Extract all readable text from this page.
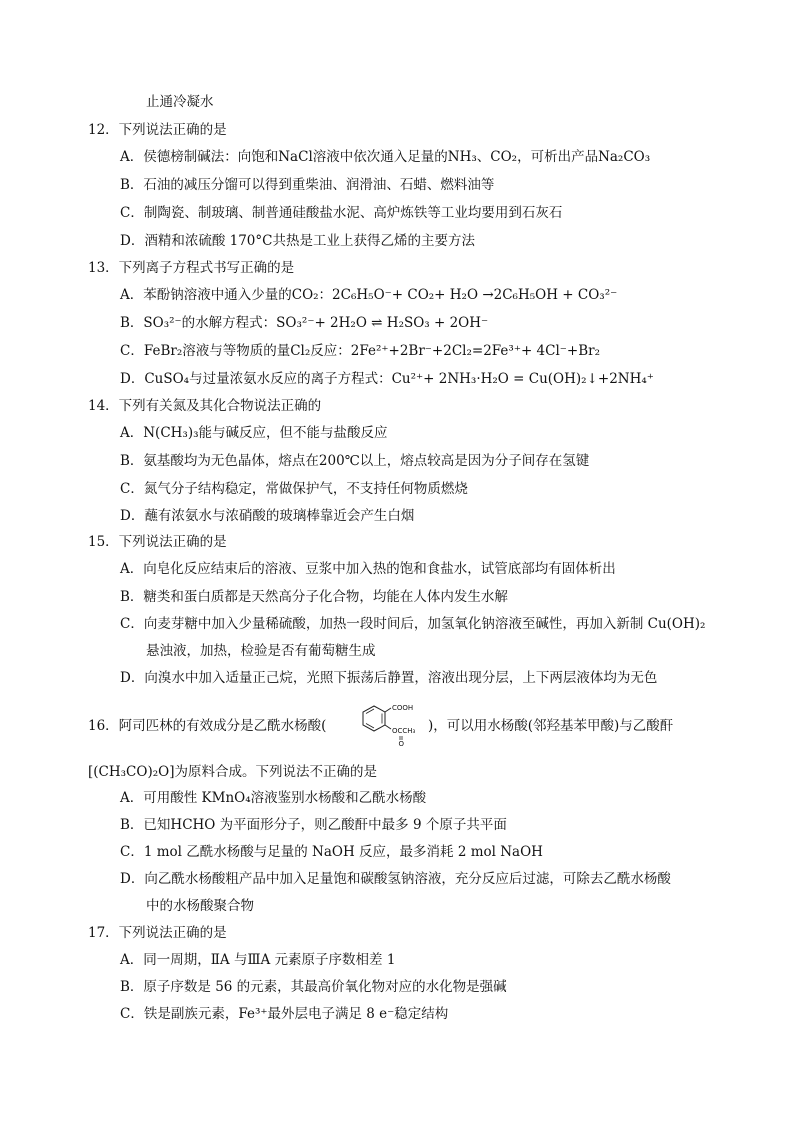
止通冷凝水
12．下列说法正确的是
A．侯德榜制碱法：向饱和NaCl溶液中依次通入足量的NH₃、CO₂，可析出产品Na₂CO₃
B．石油的减压分馏可以得到重柴油、润滑油、石蜡、燃料油等
C．制陶瓷、制玻璃、制普通硅酸盐水泥、高炉炼铁等工业均要用到石灰石
D．酒精和浓硫酸 170°C共热是工业上获得乙烯的主要方法
13．下列离子方程式书写正确的是
A．苯酚钠溶液中通入少量的CO₂：2C₆H₅O⁻+ CO₂+ H₂O →2C₆H₅OH + CO₃²⁻
B．SO₃²⁻的水解方程式：SO₃²⁻+ 2H₂O ⇌ H₂SO₃ + 2OH⁻
C．FeBr₂溶液与等物质的量Cl₂反应：2Fe²⁺+2Br⁻+2Cl₂=2Fe³⁺+ 4Cl⁻+Br₂
D．CuSO₄与过量浓氨水反应的离子方程式：Cu²⁺+ 2NH₃·H₂O = Cu(OH)₂↓+2NH₄⁺
14．下列有关氮及其化合物说法正确的
A．N(CH₃)₃能与碱反应，但不能与盐酸反应
B．氨基酸均为无色晶体，熔点在200℃以上，熔点较高是因为分子间存在氢键
C．氮气分子结构稳定，常做保护气，不支持任何物质燃烧
D．蘸有浓氨水与浓硝酸的玻璃棒靠近会产生白烟
15．下列说法正确的是
A．向皂化反应结束后的溶液、豆浆中加入热的饱和食盐水，试管底部均有固体析出
B．糖类和蛋白质都是天然高分子化合物，均能在人体内发生水解
C．向麦芽糖中加入少量稀硫酸，加热一段时间后，加氢氧化钠溶液至碱性，再加入新制 Cu(OH)₂
悬浊液，加热，检验是否有葡萄糖生成
D．向溴水中加入适量正己烷，光照下振荡后静置，溶液出现分层，上下两层液体均为无色
16．阿司匹林的有效成分是乙酰水杨酸(
COOH
OCCH₃
O
)，可以用水杨酸(邻羟基苯甲酸)与乙酸酐
[(CH₃CO)₂O]为原料合成。下列说法不正确的是
A．可用酸性 KMnO₄溶液鉴别水杨酸和乙酰水杨酸
B．已知HCHO 为平面形分子，则乙酸酐中最多 9 个原子共平面
C．1 mol 乙酰水杨酸与足量的 NaOH 反应，最多消耗 2 mol NaOH
D．向乙酰水杨酸粗产品中加入足量饱和碳酸氢钠溶液，充分反应后过滤，可除去乙酰水杨酸
中的水杨酸聚合物
17．下列说法正确的是
A．同一周期，ⅡA 与ⅢA 元素原子序数相差 1
B．原子序数是 56 的元素，其最高价氧化物对应的水化物是强碱
C．铁是副族元素，Fe³⁺最外层电子满足 8 e⁻稳定结构
